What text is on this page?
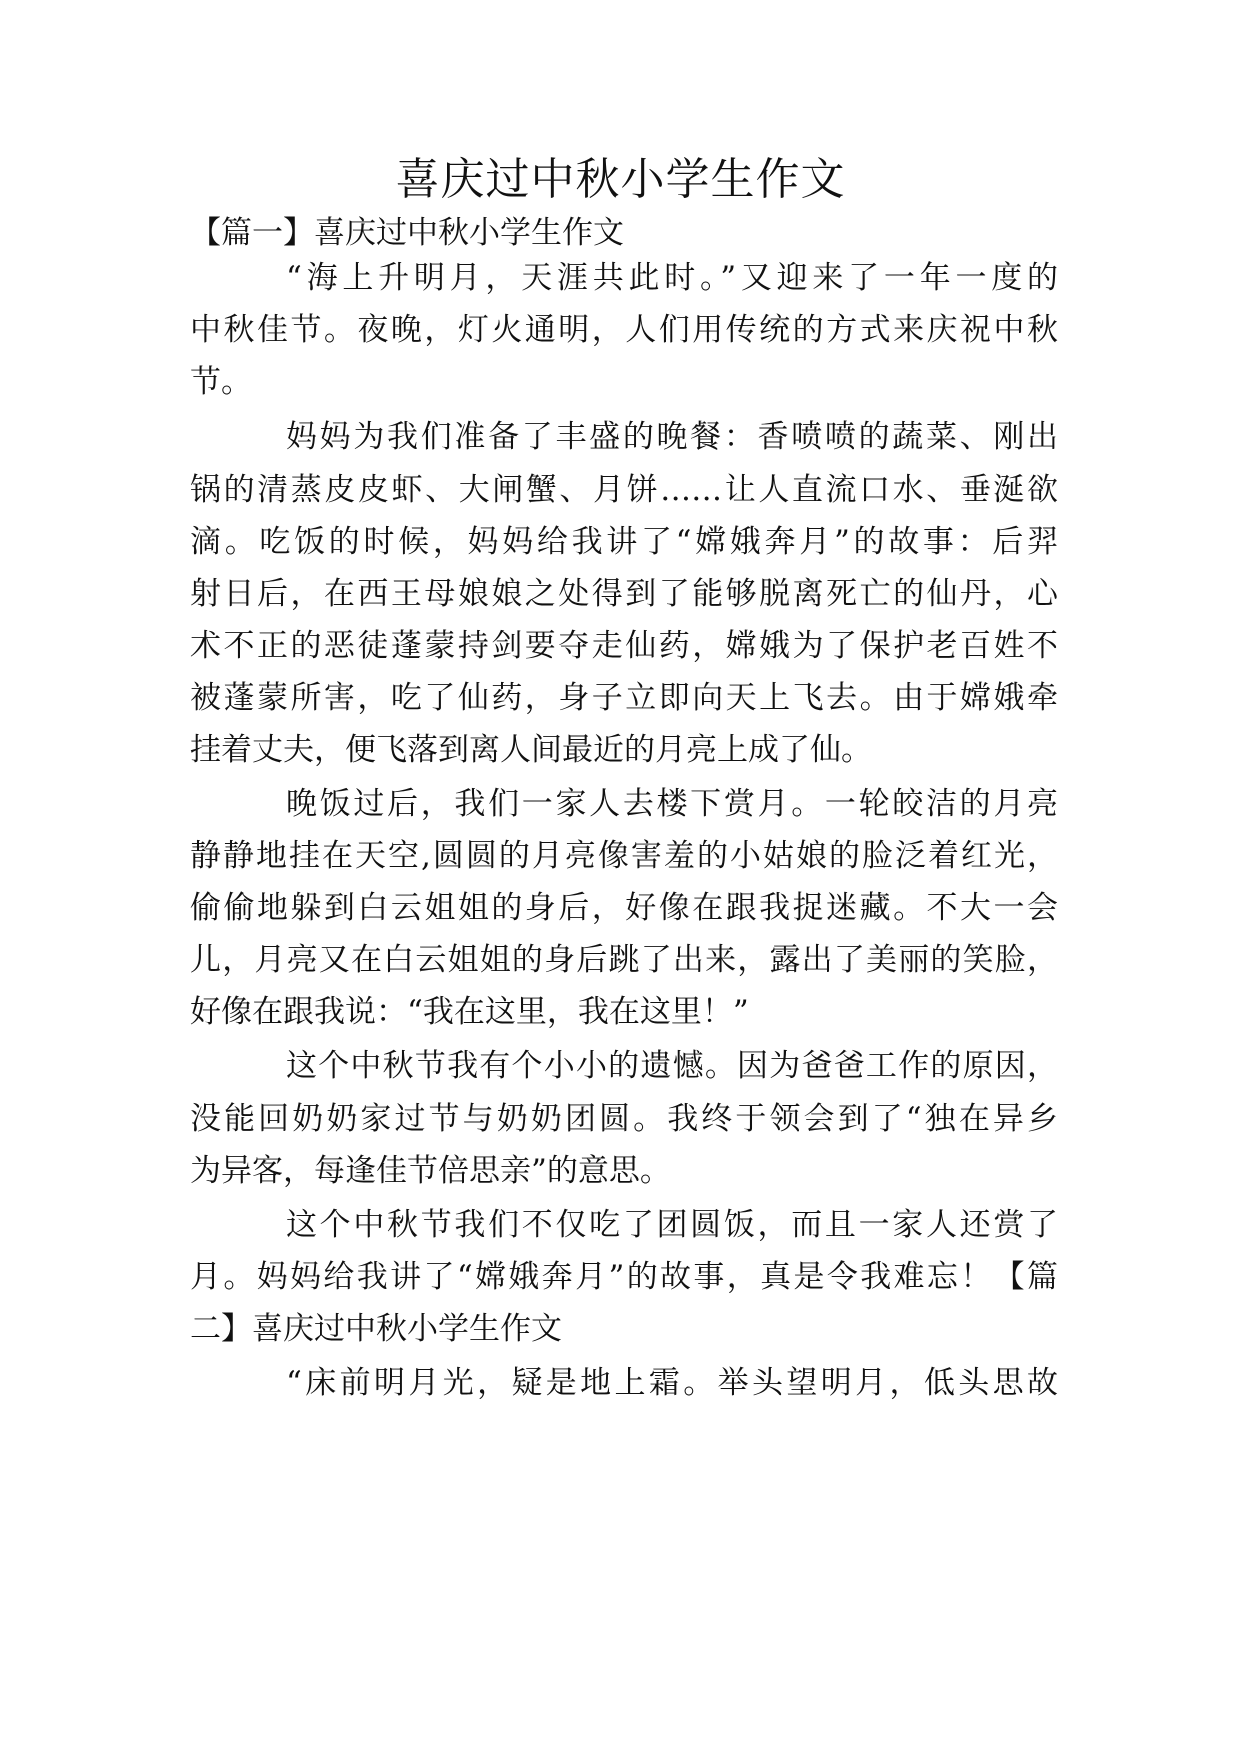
喜庆过中秋小学生作文

【篇一】喜庆过中秋小学生作文

“海上升明月，天涯共此时。”又迎来了一年一度的

中秋佳节。夜晚，灯火通明，人们用传统的方式来庆祝中秋

节。

妈妈为我们准备了丰盛的晚餐：香喷喷的蔬菜、刚出

锅的清蒸皮皮虾、大闸蟹、月饼……让人直流口水、垂涎欲

滴。吃饭的时候，妈妈给我讲了“嫦娥奔月”的故事：后羿

射日后，在西王母娘娘之处得到了能够脱离死亡的仙丹，心

术不正的恶徒蓬蒙持剑要夺走仙药，嫦娥为了保护老百姓不

被蓬蒙所害，吃了仙药，身子立即向天上飞去。由于嫦娥牵

挂着丈夫，便飞落到离人间最近的月亮上成了仙。

晚饭过后，我们一家人去楼下赏月。一轮皎洁的月亮

静静地挂在天空,圆圆的月亮像害羞的小姑娘的脸泛着红光，

偷偷地躲到白云姐姐的身后，好像在跟我捉迷藏。不大一会

儿，月亮又在白云姐姐的身后跳了出来，露出了美丽的笑脸，

好像在跟我说：“我在这里，我在这里！”

这个中秋节我有个小小的遗憾。因为爸爸工作的原因，

没能回奶奶家过节与奶奶团圆。我终于领会到了“独在异乡

为异客，每逢佳节倍思亲”的意思。

这个中秋节我们不仅吃了团圆饭，而且一家人还赏了

月。妈妈给我讲了“嫦娥奔月”的故事，真是令我难忘！【篇

二】喜庆过中秋小学生作文

“床前明月光，疑是地上霜。举头望明月，低头思故
